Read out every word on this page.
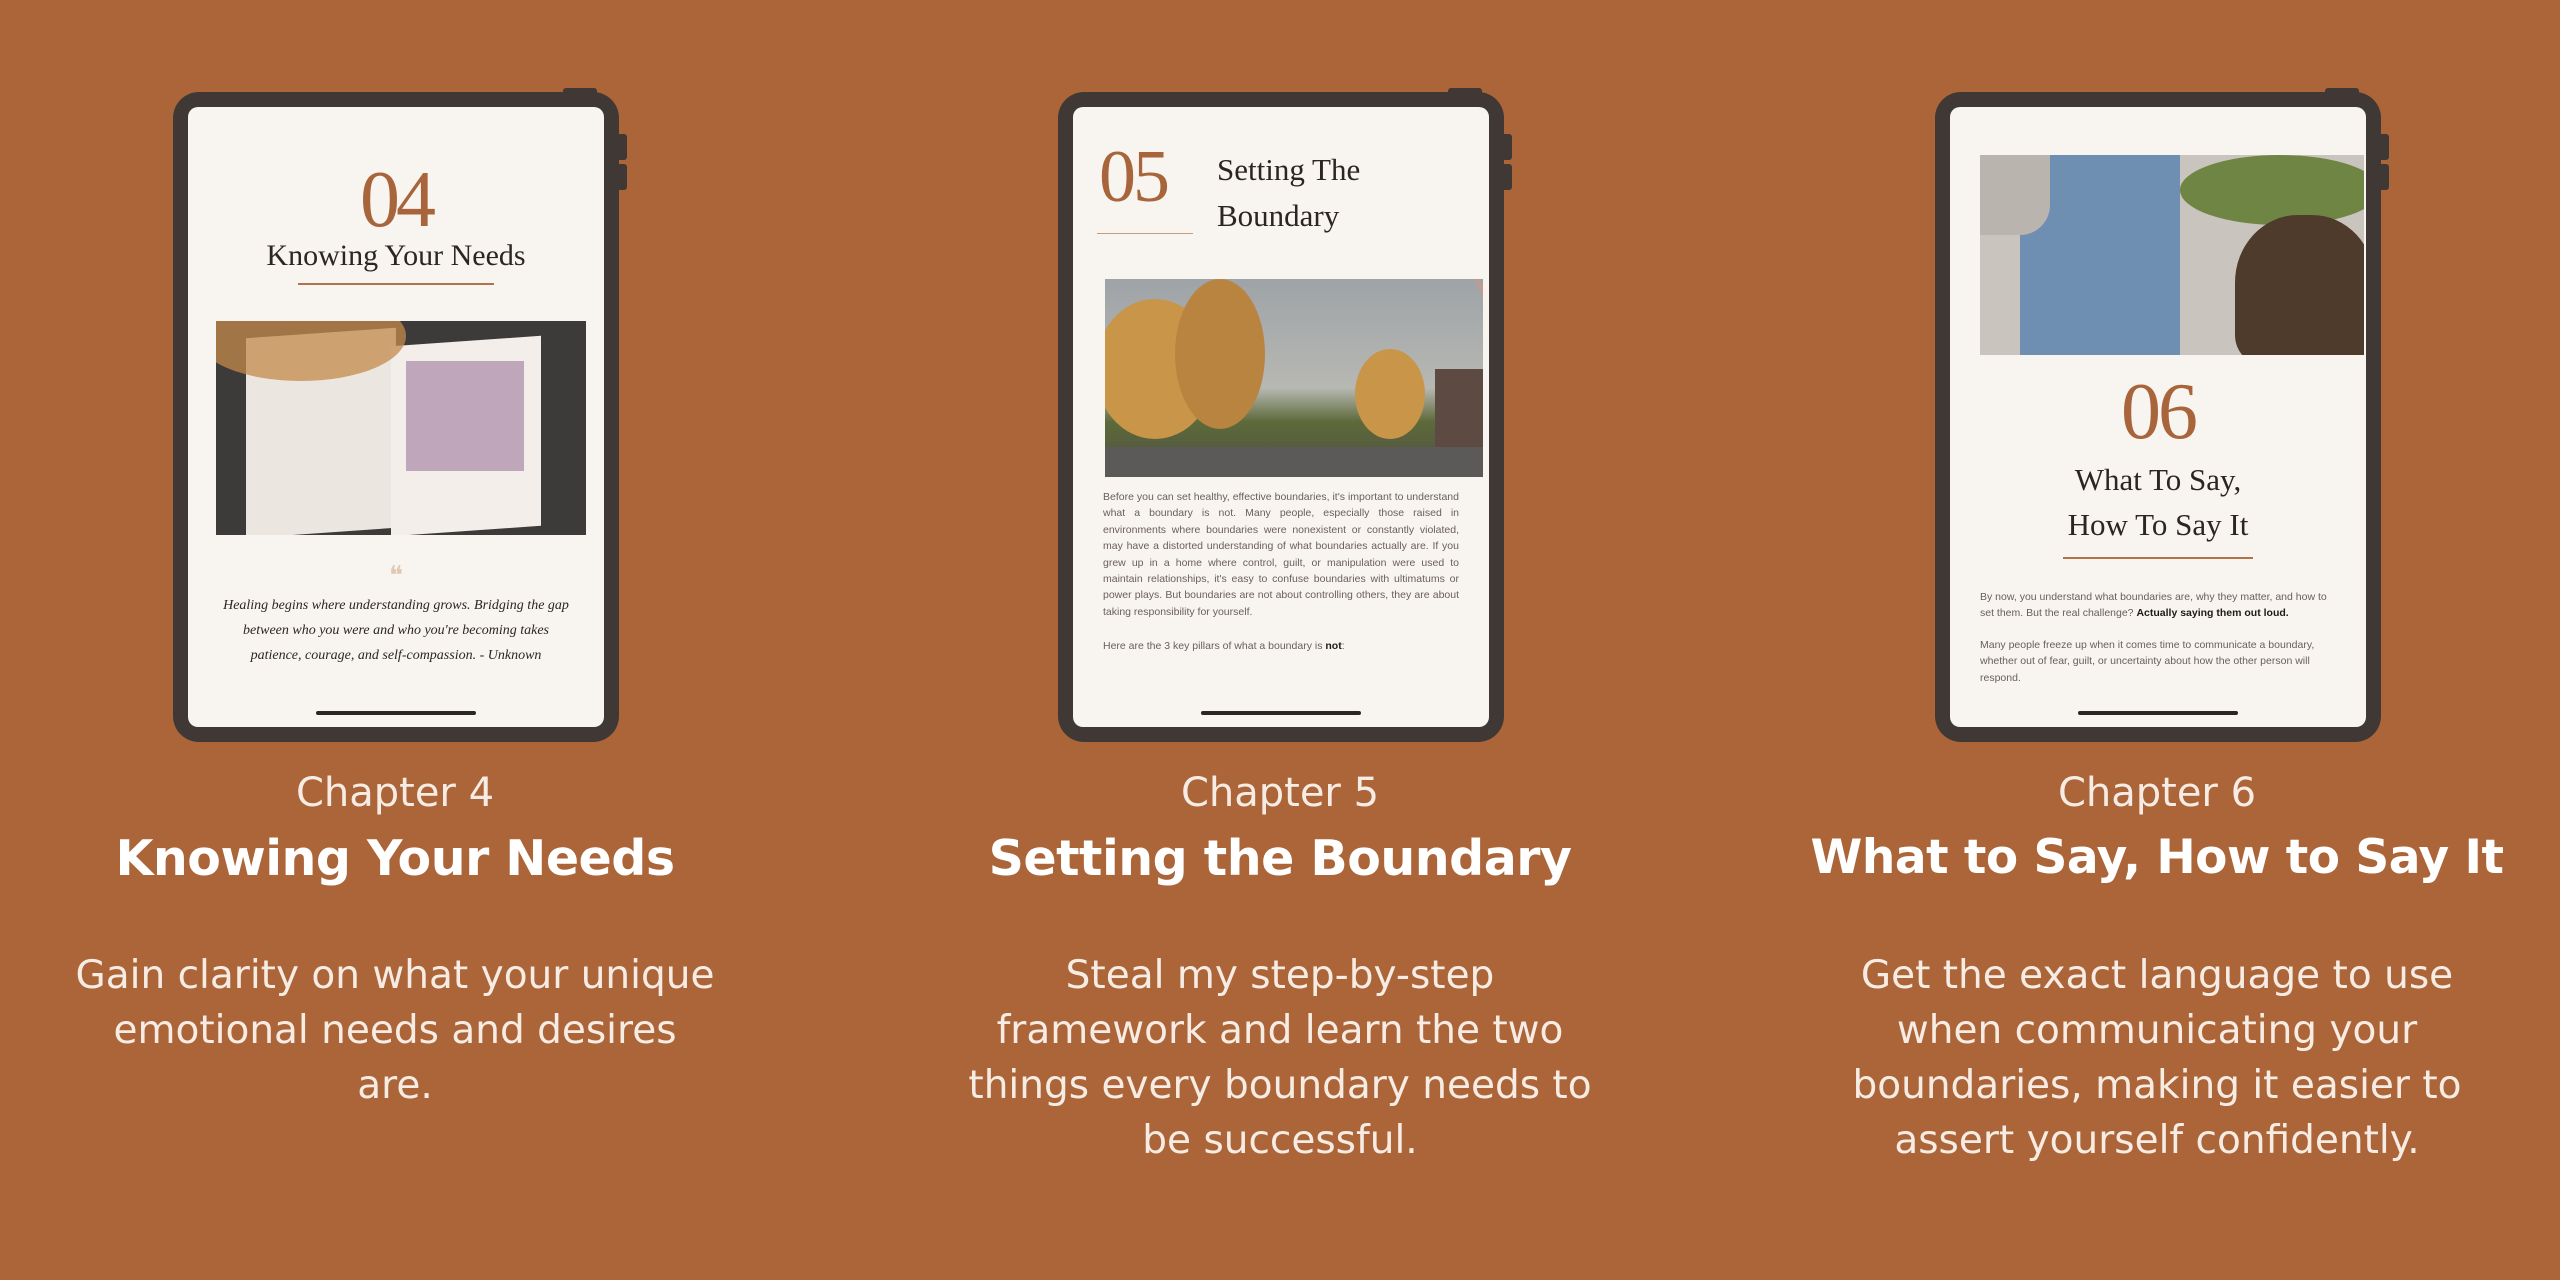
04
Knowing Your Needs
❝
Healing begins where understanding grows. Bridging the gap between who you were and who you're becoming takes patience, courage, and self-compassion. - Unknown
Chapter 4
Knowing Your Needs
Gain clarity on what your unique emotional needs and desires are.
05 Setting The
Boundary
Before you can set healthy, effective boundaries, it's important to understand what a boundary is not. Many people, especially those raised in environments where boundaries were nonexistent or constantly violated, may have a distorted understanding of what boundaries actually are. If you grew up in a home where control, guilt, or manipulation were used to maintain relationships, it's easy to confuse boundaries with ultimatums or power plays. But boundaries are not about controlling others, they are about taking responsibility for yourself.
Here are the 3 key pillars of what a boundary is not:
Chapter 5
Setting the Boundary
Steal my step-by-step framework and learn the two things every boundary needs to be successful.
06
What To Say,
How To Say It
By now, you understand what boundaries are, why they matter, and how to set them. But the real challenge? Actually saying them out loud.
Many people freeze up when it comes time to communicate a boundary, whether out of fear, guilt, or uncertainty about how the other person will respond.
Chapter 6
What to Say, How to Say It
Get the exact language to use when communicating your boundaries, making it easier to assert yourself confidently.
